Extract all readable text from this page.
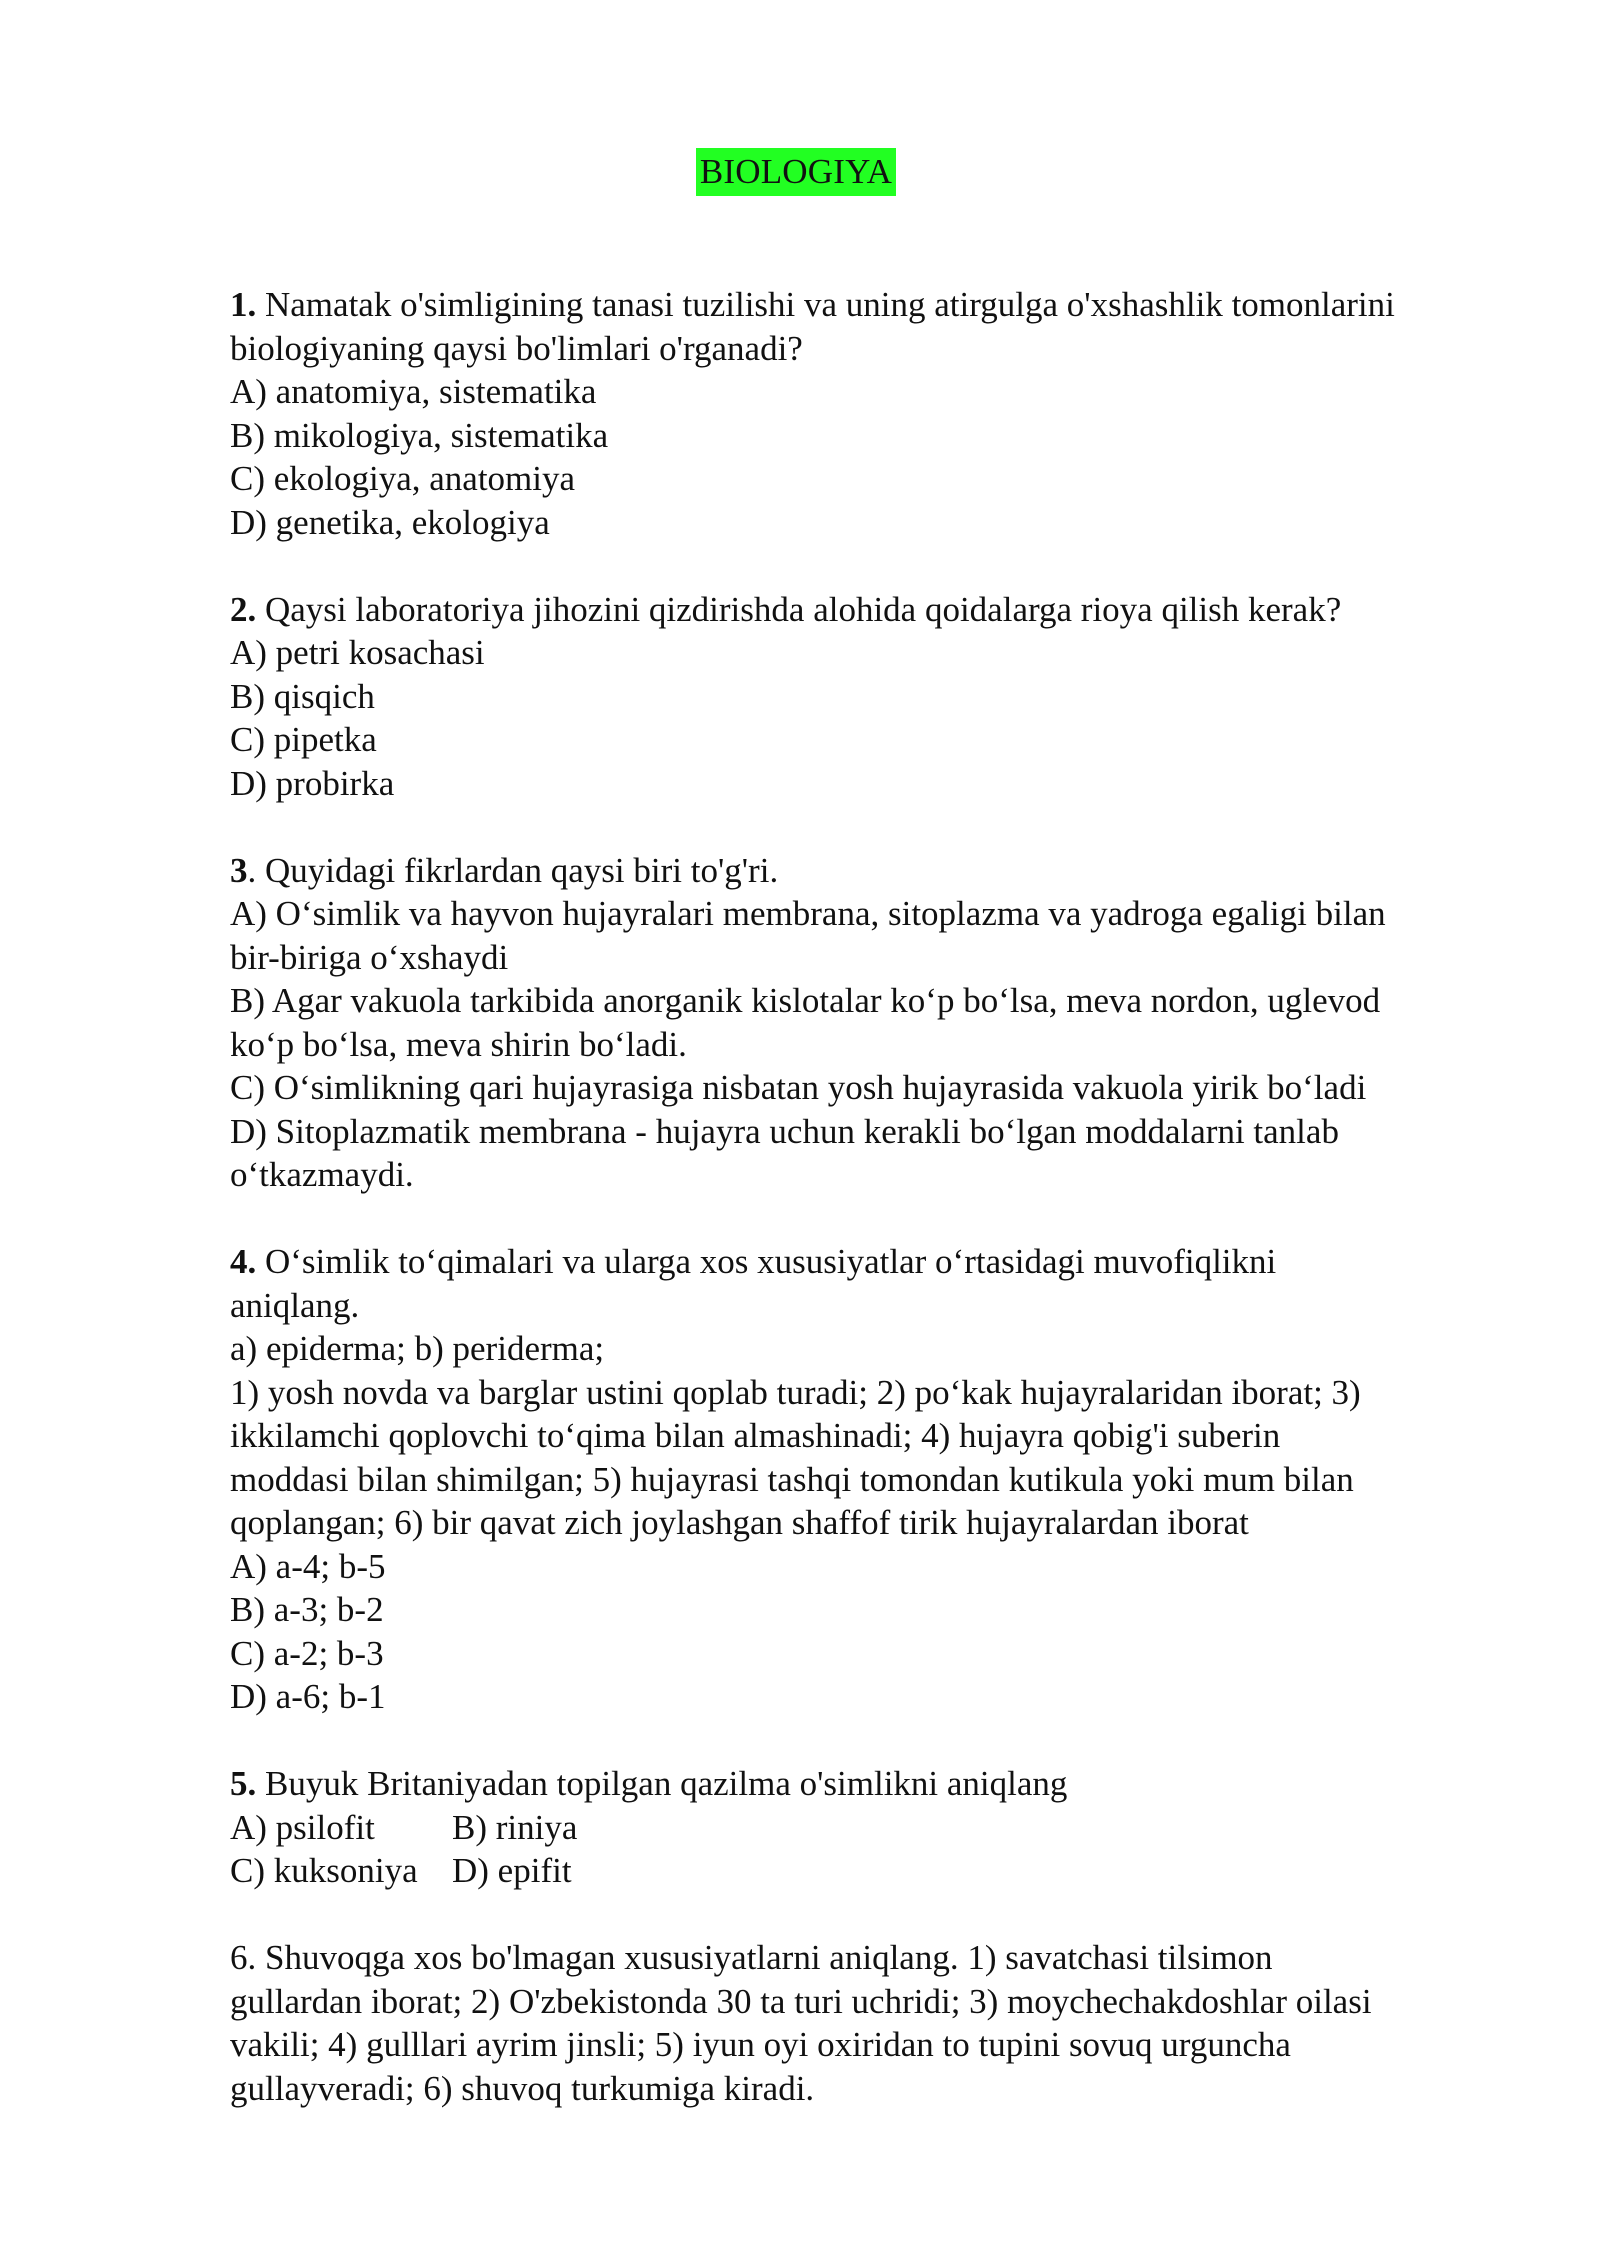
BIOLOGIYA
1. Namatak o'simligining tanasi tuzilishi va uning atirgulga o'xshashlik tomonlarini
biologiyaning qaysi bo'limlari o'rganadi?
A) anatomiya, sistematika
B) mikologiya, sistematika
C) ekologiya, anatomiya
D) genetika, ekologiya
2. Qaysi laboratoriya jihozini qizdirishda alohida qoidalarga rioya qilish kerak?
A) petri kosachasi
B) qisqich
C) pipetka
D) probirka
3. Quyidagi fikrlardan qaysi biri to'g'ri.
A) O‘simlik va hayvon hujayralari membrana, sitoplazma va yadroga egaligi bilan
bir-biriga o‘xshaydi
B) Agar vakuola tarkibida anorganik kislotalar ko‘p bo‘lsa, meva nordon, uglevod
ko‘p bo‘lsa, meva shirin bo‘ladi.
C) O‘simlikning qari hujayrasiga nisbatan yosh hujayrasida vakuola yirik bo‘ladi
D) Sitoplazmatik membrana - hujayra uchun kerakli bo‘lgan moddalarni tanlab
o‘tkazmaydi.
4. O‘simlik to‘qimalari va ularga xos xususiyatlar o‘rtasidagi muvofiqlikni
aniqlang.
a) epiderma; b) periderma;
1) yosh novda va barglar ustini qoplab turadi; 2) po‘kak hujayralaridan iborat; 3)
ikkilamchi qoplovchi to‘qima bilan almashinadi; 4) hujayra qobig'i suberin
moddasi bilan shimilgan; 5) hujayrasi tashqi tomondan kutikula yoki mum bilan
qoplangan; 6) bir qavat zich joylashgan shaffof tirik hujayralardan iborat
A) a-4; b-5
B) a-3; b-2
C) a-2; b-3
D) a-6; b-1
5. Buyuk Britaniyadan topilgan qazilma o'simlikni aniqlang
A) psilofit	B) riniya
C) kuksoniya D) epifit
6. Shuvoqga xos bo'lmagan xususiyatlarni aniqlang. 1) savatchasi tilsimon
gullardan iborat; 2) O'zbekistonda 30 ta turi uchridi; 3) moychechakdoshlar oilasi
vakili; 4) gulllari ayrim jinsli; 5) iyun oyi oxiridan to tupini sovuq urguncha
gullayveradi; 6) shuvoq turkumiga kiradi.
